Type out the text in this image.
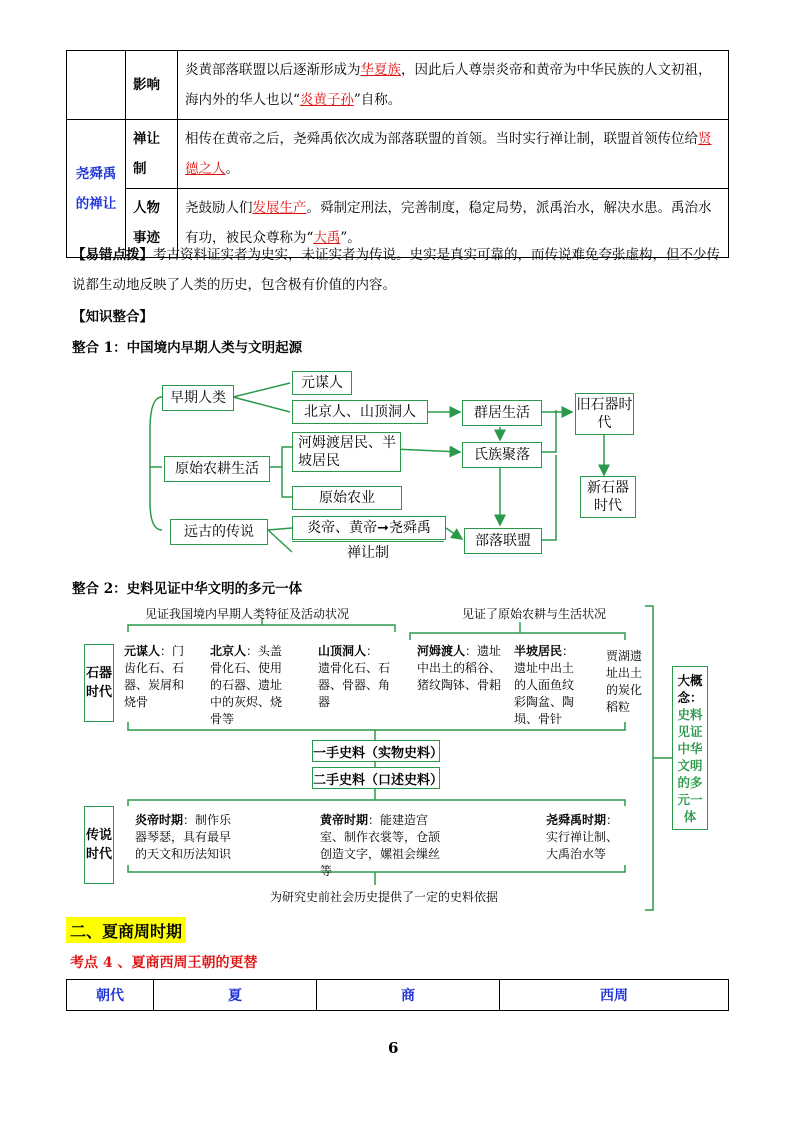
	影响	炎黄部落联盟以后逐渐形成为华夏族，因此后人尊崇炎帝和黄帝为中华民族的人文初祖，海内外的华人也以“炎黄子孙”自称。
尧舜禹的禅让	禅让制	相传在黄帝之后，尧舜禹依次成为部落联盟的首领。当时实行禅让制，联盟首领传位给贤德之人。
	人物事迹	尧鼓励人们发展生产。舜制定刑法，完善制度，稳定局势，派禹治水，解决水患。禹治水有功，被民众尊称为“大禹”。
【易错点拨】考古资料证实者为史实，未证实者为传说。史实是真实可靠的，而传说难免夸张虚构，但不少传说都生动地反映了人类的历史，包含极有价值的内容。
【知识整合】
整合 1：中国境内早期人类与文明起源
早期人类
元谋人
北京人、山顶洞人	群居生活	旧石器时代
原始农耕生活
河姆渡居民、半坡居民	氏族聚落
新石器时代
原始农业
远古的传说	炎帝、黄帝➞尧舜禹
部落联盟
禅让制
整合 2：史料见证中华文明的多元一体
见证我国境内早期人类特征及活动状况	见证了原始农耕与生活状况
石器时代
元谋人：门齿化石、石器、炭屑和烧骨
北京人：头盖骨化石、使用的石器、遗址中的灰烬、烧骨等
山顶洞人：遗骨化石、石器、骨器、角器
河姆渡人：遗址中出土的稻谷、猪纹陶钵、骨耜
半坡居民：遗址中出土的人面鱼纹彩陶盆、陶埙、骨针
贾湖遗址出土的炭化稻粒
一手史料（实物史料）
二手史料（口述史料）
传说时代
炎帝时期：制作乐器琴瑟，具有最早的天文和历法知识
黄帝时期：能建造宫室、制作衣裳等，仓颉创造文字，嫘祖会缫丝等
尧舜禹时期：实行禅让制、大禹治水等
为研究史前社会历史提供了一定的史料依据
大概念：
史料见证中华文明的多元一体
二、夏商周时期
考点 4 、夏商西周王朝的更替
朝代	夏	商	西周
6
